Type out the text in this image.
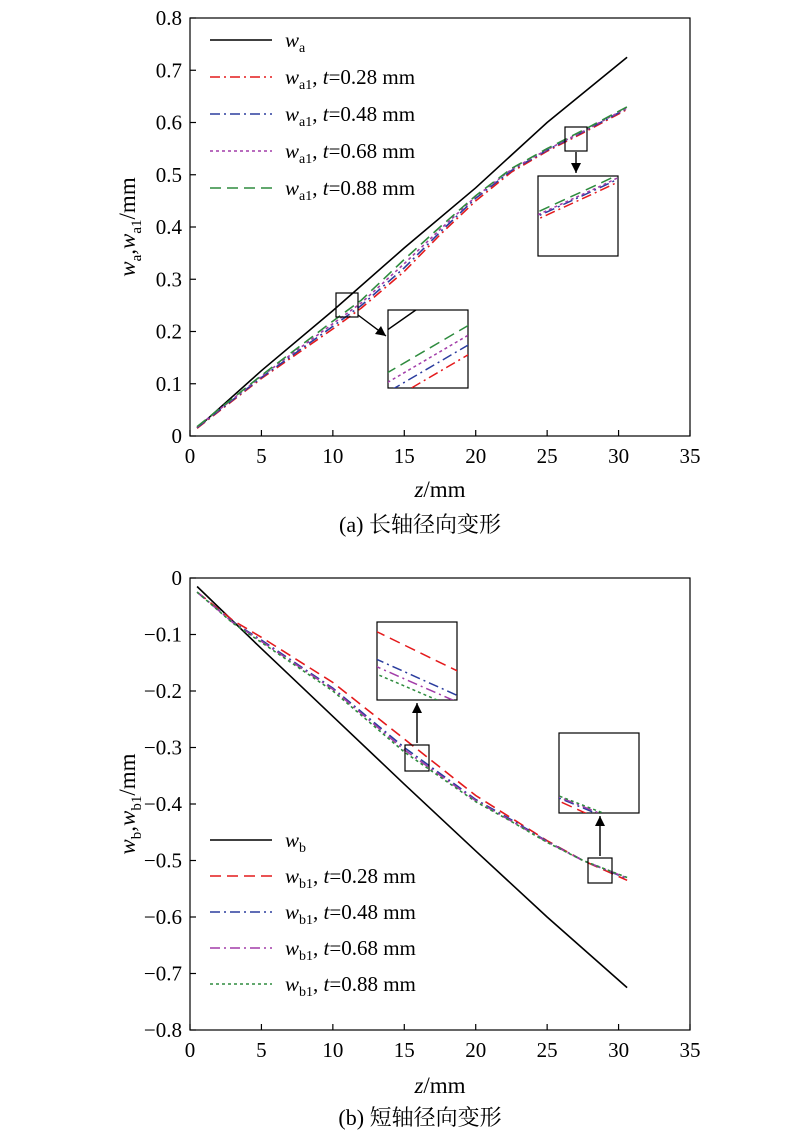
0	5	10 15 20 25 30 35
0
0.1
0.2
0.3
0.4
0.5
0.6
0.7
0.8
z/mm
$w_a,w_{a1}/mm$
(a) 长轴径向变形
$w_a$
$w_{a1}$, t=0.28 mm
$w_{a1}$, t=0.48 mm
$w_{a1}$, t=0.68 mm
$w_{a1}$, t=0.88 mm
0	5	10 15 20 25 30 35
0
−0.1
−0.2
−0.3
−0.4
−0.5
−0.6
−0.7
−0.8
z/mm
$w_b,w_{b1}/mm$
(b) 短轴径向变形
$w_b$
$w_{b1}$, t=0.28 mm
$w_{b1}$, t=0.48 mm
$w_{b1}$, t=0.68 mm
$w_{b1}$, t=0.88 mm
